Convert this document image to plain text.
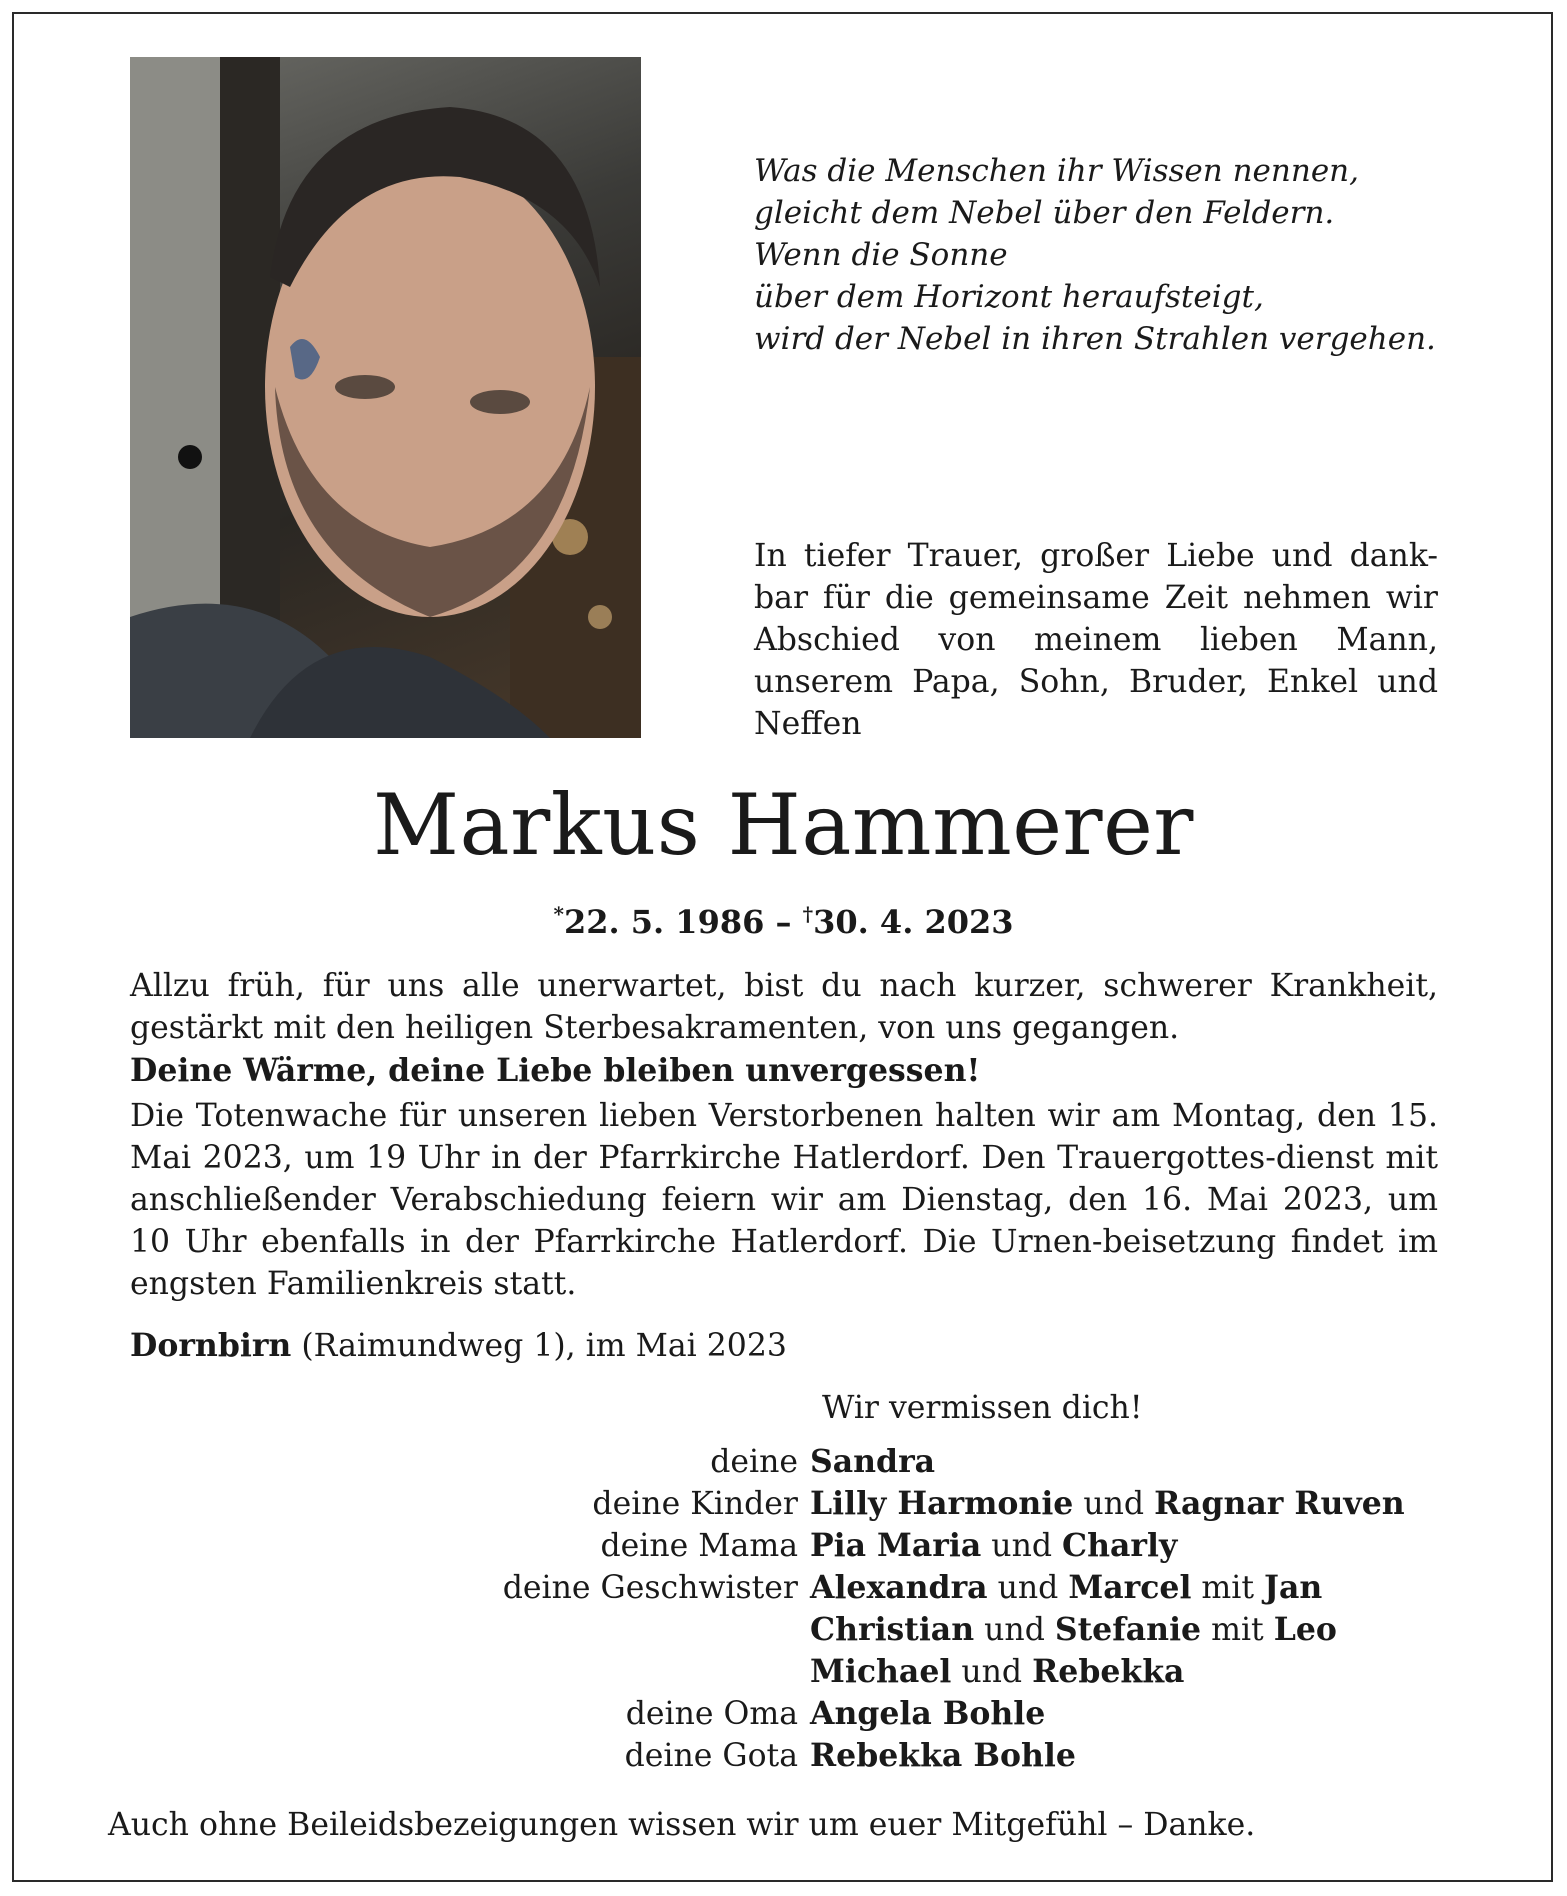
Was die Menschen ihr Wissen nennen,
gleicht dem Nebel über den Feldern.
Wenn die Sonne
über dem Horizont heraufsteigt,
wird der Nebel in ihren Strahlen vergehen.
In tiefer Trauer, großer Liebe und dank-bar für die gemeinsame Zeit nehmen wir Abschied von meinem lieben Mann, unserem Papa, Sohn, Bruder, Enkel und Neffen
Markus Hammerer
*22. 5. 1986 – †30. 4. 2023
Allzu früh, für uns alle unerwartet, bist du nach kurzer, schwerer Krankheit, gestärkt mit den heiligen Sterbesakramenten, von uns gegangen.
Deine Wärme, deine Liebe bleiben unvergessen!
Die Totenwache für unseren lieben Verstorbenen halten wir am Montag, den 15. Mai 2023, um 19 Uhr in der Pfarrkirche Hatlerdorf. Den Trauergottes-dienst mit anschließender Verabschiedung feiern wir am Dienstag, den 16. Mai 2023, um 10 Uhr ebenfalls in der Pfarrkirche Hatlerdorf. Die Urnen-beisetzung findet im engsten Familienkreis statt.
Dornbirn (Raimundweg 1), im Mai 2023
Wir vermissen dich!
deine Sandra
deine Kinder Lilly Harmonie und Ragnar Ruven
deine Mama Pia Maria und Charly
deine Geschwister Alexandra und Marcel mit Jan
Christian und Stefanie mit Leo
Michael und Rebekka
deine Oma Angela Bohle
deine Gota Rebekka Bohle
Auch ohne Beileidsbezeigungen wissen wir um euer Mitgefühl – Danke.
